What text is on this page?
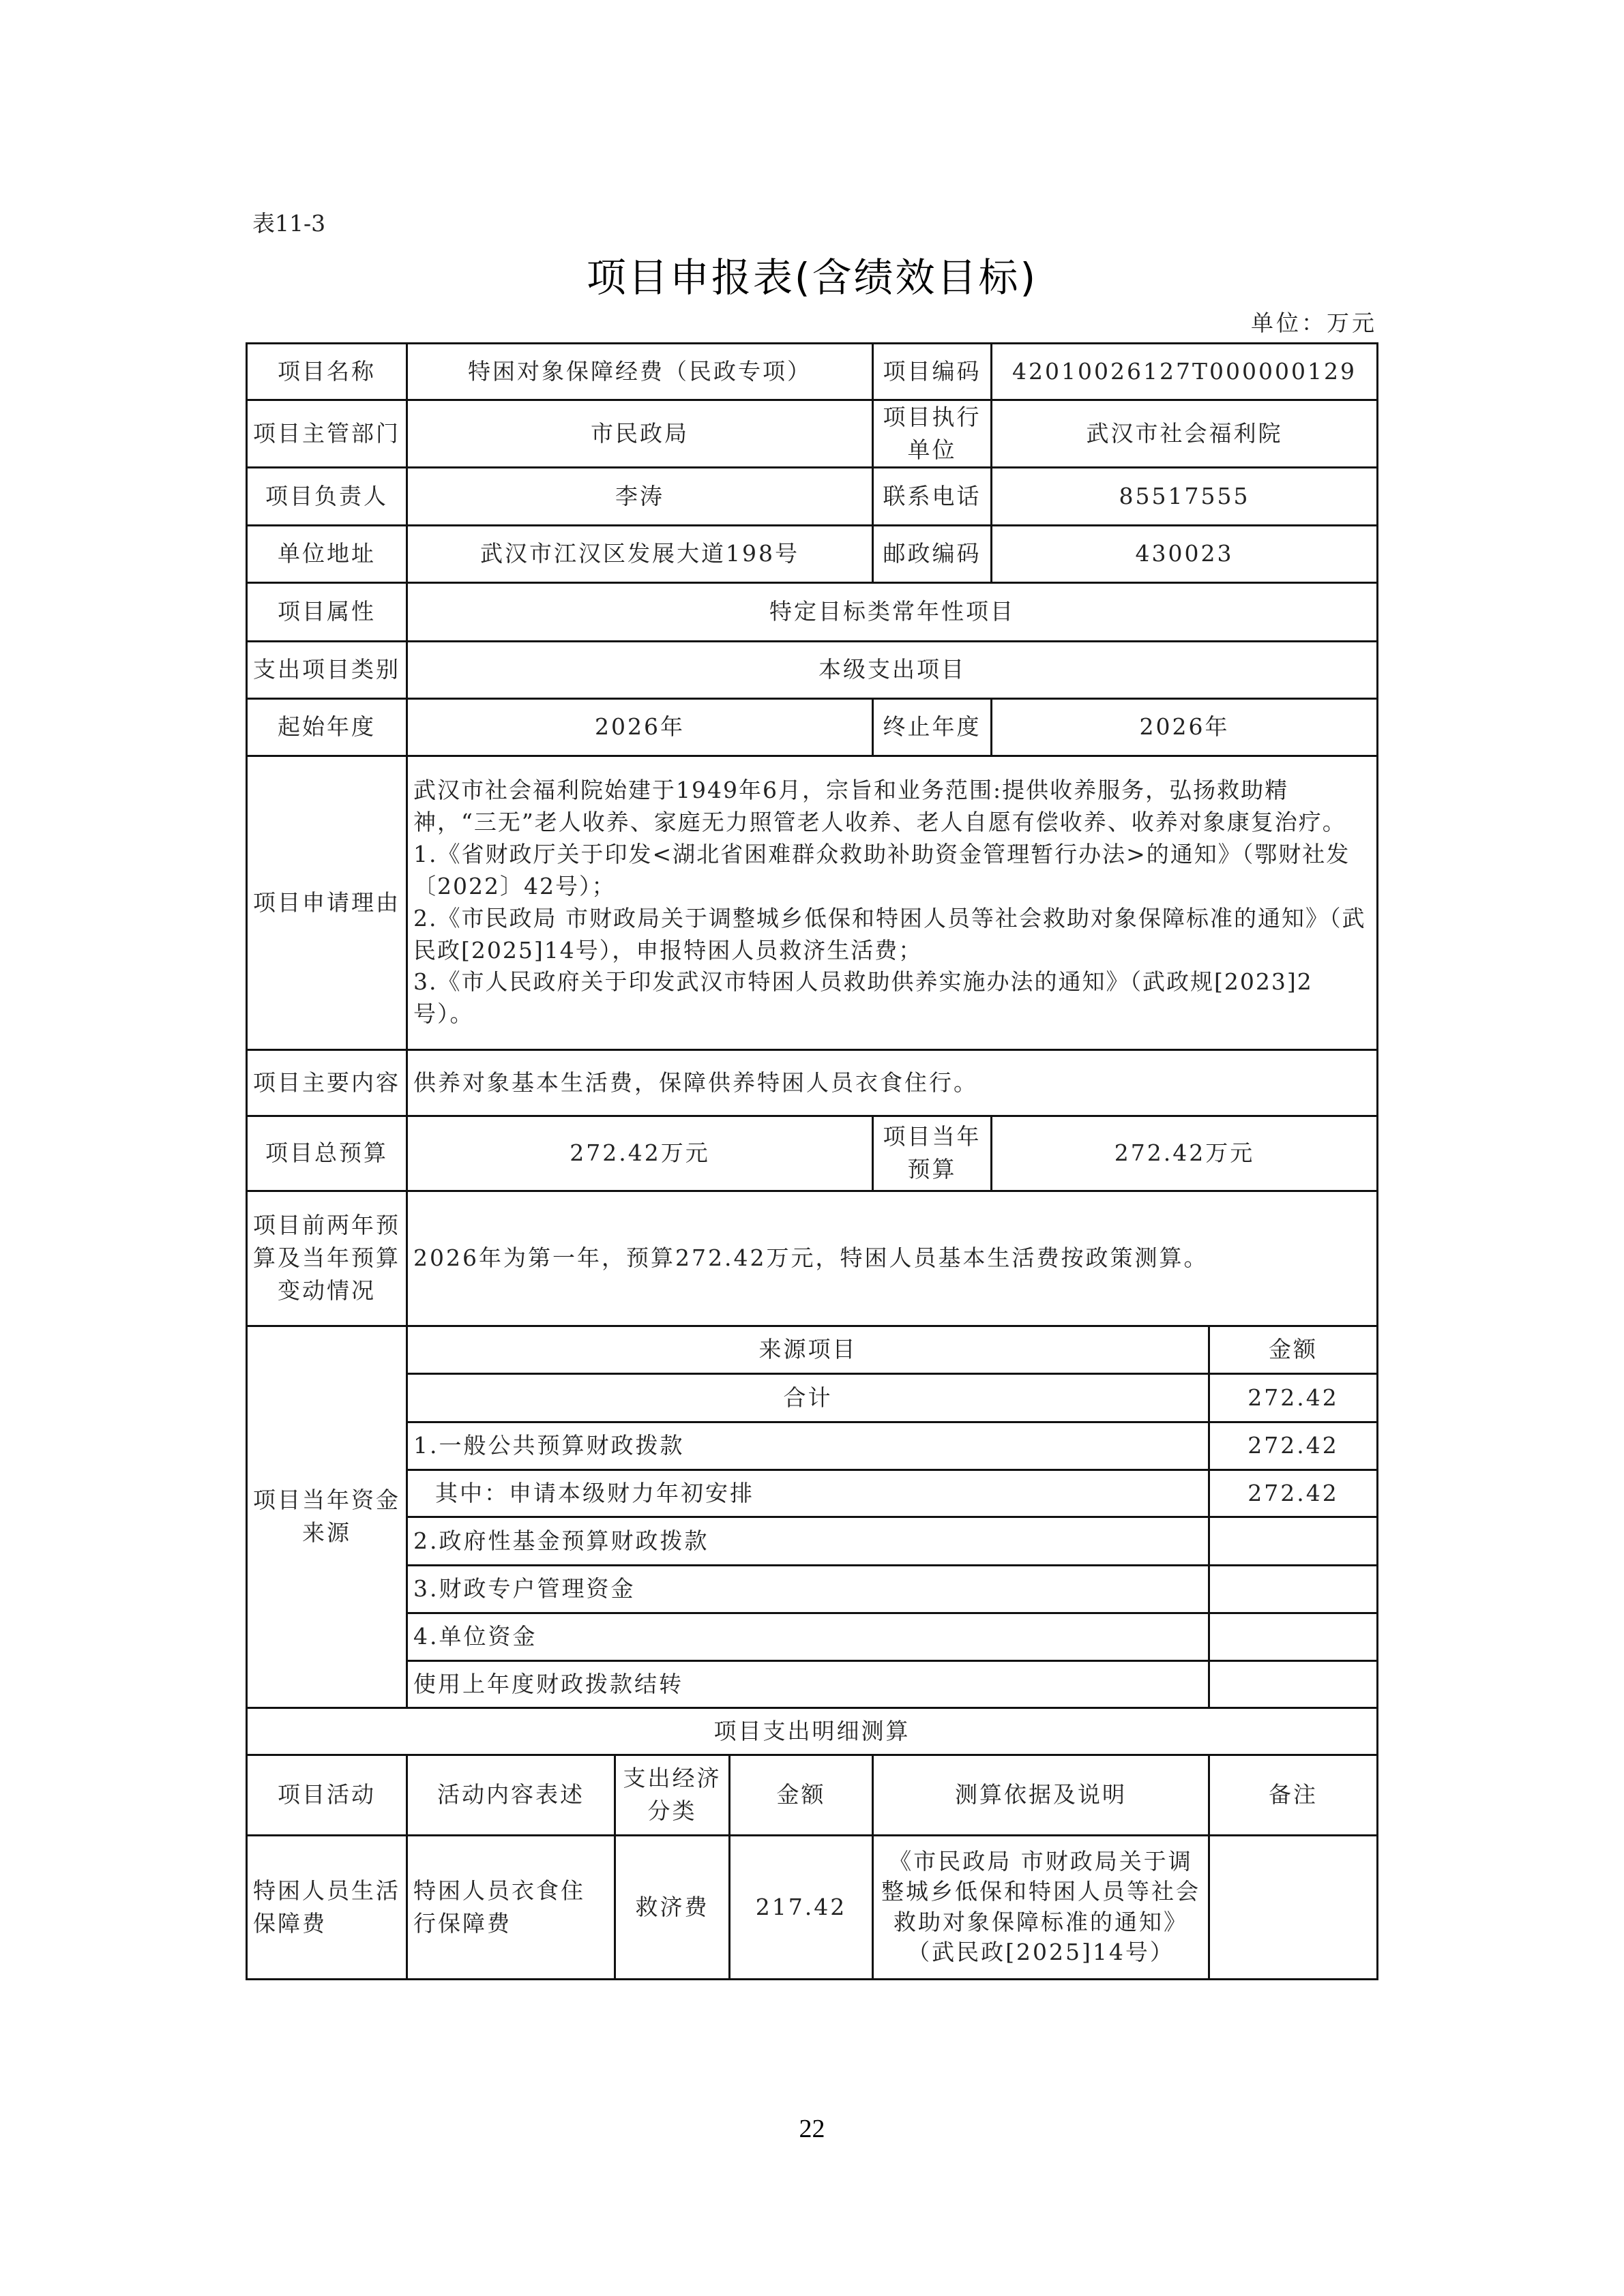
表11-3
项目申报表(含绩效目标)
单位：万元
项目名称	特困对象保障经费（民政专项）			项目编码	42010026127T000000129	
项目主管部门	市民政局			项目执行单位	武汉市社会福利院	
项目负责人	李涛			联系电话	85517555	
单位地址	武汉市江汉区发展大道198号			邮政编码	430023	
项目属性	特定目标类常年性项目					
支出项目类别	本级支出项目					
起始年度	2026年			终止年度	2026年	
项目申请理由	武汉市社会福利院始建于1949年6月，宗旨和业务范围:提供收养服务，弘扬救助精神，“三无”老人收养、家庭无力照管老人收养、老人自愿有偿收养、收养对象康复治疗。
1.《省财政厅关于印发<湖北省困难群众救助补助资金管理暂行办法>的通知》（鄂财社发〔2022〕42号）；
2.《市民政局 市财政局关于调整城乡低保和特困人员等社会救助对象保障标准的通知》（武民政[2025]14号），申报特困人员救济生活费；
3.《市人民政府关于印发武汉市特困人员救助供养实施办法的通知》（武政规[2023]2号）。					

项目主要内容	供养对象基本生活费，保障供养特困人员衣食住行。					
项目总预算	272.42万元			项目当年预算	272.42万元	
项目前两年预算及当年预算变动情况	2026年为第一年，预算272.42万元，特困人员基本生活费按政策测算。					
项目当年资金来源	来源项目					金额
	合计					272.42
	1.一般公共预算财政拨款					272.42
	其中：申请本级财力年初安排					272.42
	2.政府性基金预算财政拨款					
	3.财政专户管理资金					
	4.单位资金					
	使用上年度财政拨款结转					
项目支出明细测算						
项目活动	活动内容表述	支出经济分类	金额	测算依据及说明		备注
特困人员生活保障费	特困人员衣食住行保障费	救济费	217.42	《市民政局 市财政局关于调整城乡低保和特困人员等社会救助对象保障标准的通知》（武民政[2025]14号）		
22
